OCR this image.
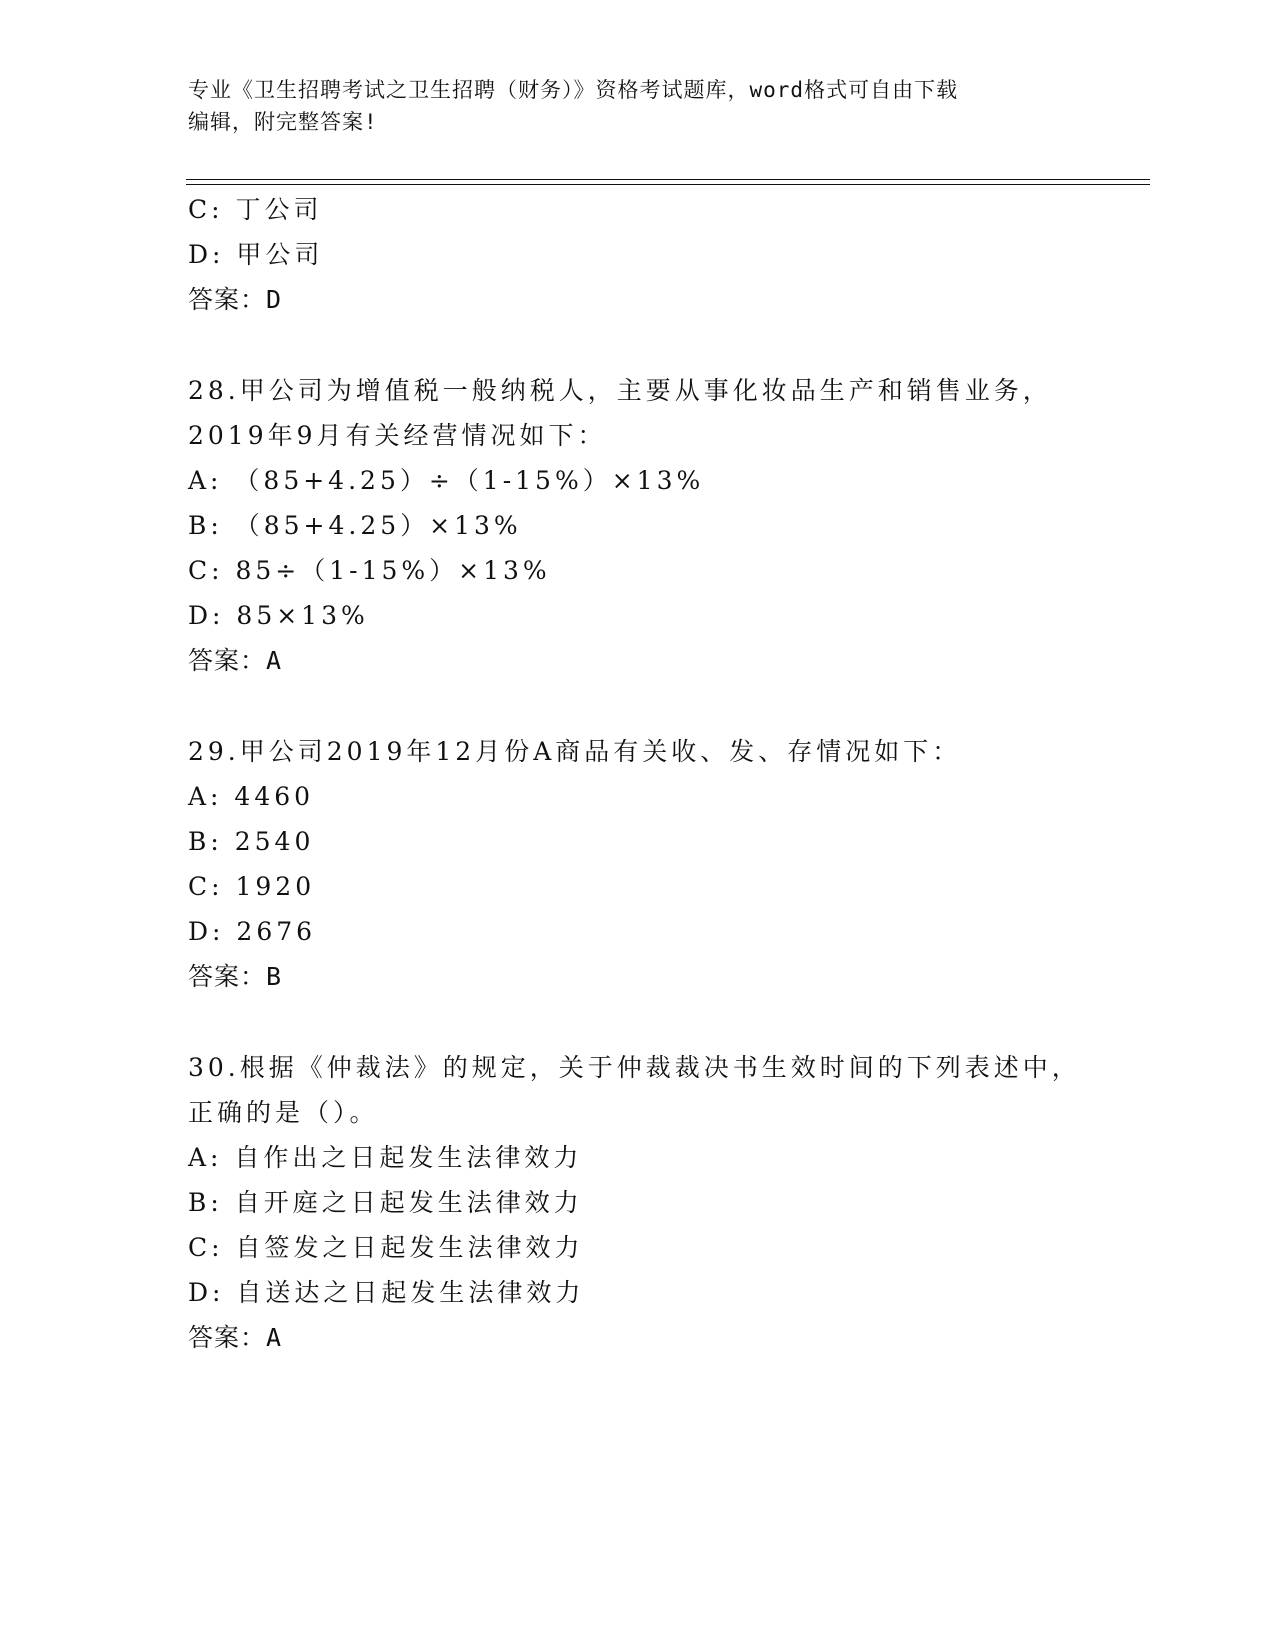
专业《卫生招聘考试之卫生招聘（财务）》资格考试题库，word格式可自由下载
编辑，附完整答案!
C: 丁公司
D: 甲公司
答案：D
28.甲公司为增值税一般纳税人，主要从事化妆品生产和销售业务，
2019年9月有关经营情况如下：
A: （85+4.25）÷（1-15%）×13%
B: （85+4.25）×13%
C: 85÷（1-15%）×13%
D: 85×13%
答案：A
29.甲公司2019年12月份A商品有关收、发、存情况如下：
A: 4460
B: 2540
C: 1920
D: 2676
答案：B
30.根据《仲裁法》的规定，关于仲裁裁决书生效时间的下列表述中，
正确的是（）。
A: 自作出之日起发生法律效力
B: 自开庭之日起发生法律效力
C: 自签发之日起发生法律效力
D: 自送达之日起发生法律效力
答案：A
